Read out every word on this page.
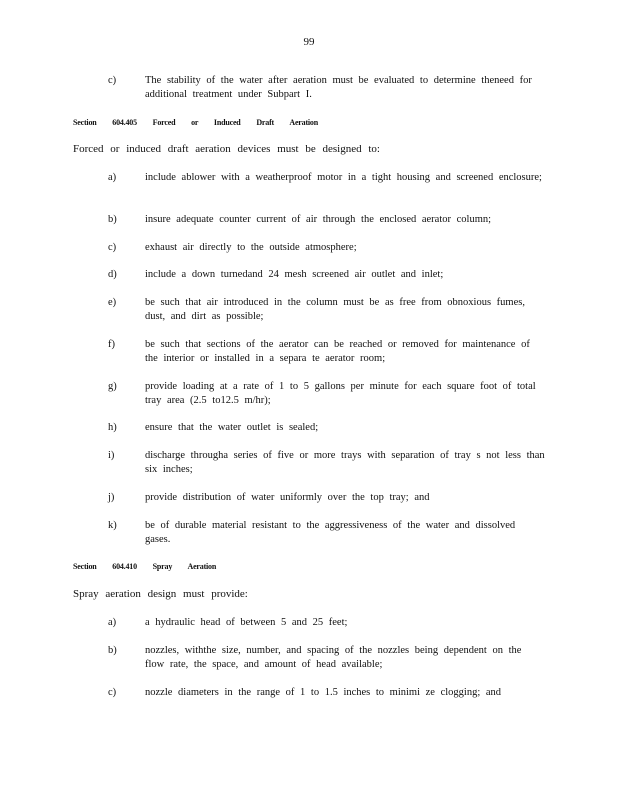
99
c)	The stability of the water after aeration must be evaluated to determine theneed for additional treatment under Subpart I.
Section 604.405 Forced or Induced Draft Aeration
Forced or induced draft aeration devices must be designed to:
a)	include ablower with a weatherproof motor in a tight housing and screened enclosure;
b)	insure adequate counter current of air through the enclosed aerator column;
c)	exhaust air directly to the outside atmosphere;
d)	include a down turnedand 24 mesh screened air outlet and inlet;
e)	be such that air introduced in the column must be as free from obnoxious fumes, dust, and dirt as possible;
f)	be such that sections of the aerator can be reached or removed for maintenance of the interior or installed in a separa te aerator room;
g)	provide loading at a rate of 1 to 5 gallons per minute for each square foot of total tray area (2.5 to12.5 m/hr);
h)	ensure that the water outlet is sealed;
i)	discharge througha series of five or more trays with separation of tray s not less than six inches;
j)	provide distribution of water uniformly over the top tray; and
k)	be of durable material resistant to the aggressiveness of the water and dissolved gases.
Section 604.410 Spray Aeration
Spray aeration design must provide:
a)	a hydraulic head of between 5 and 25 feet;
b)	nozzles, withthe size, number, and spacing of the nozzles being dependent on the flow rate, the space, and amount of head available;
c)	nozzle diameters in the range of 1 to 1.5 inches to minimi ze clogging; and
